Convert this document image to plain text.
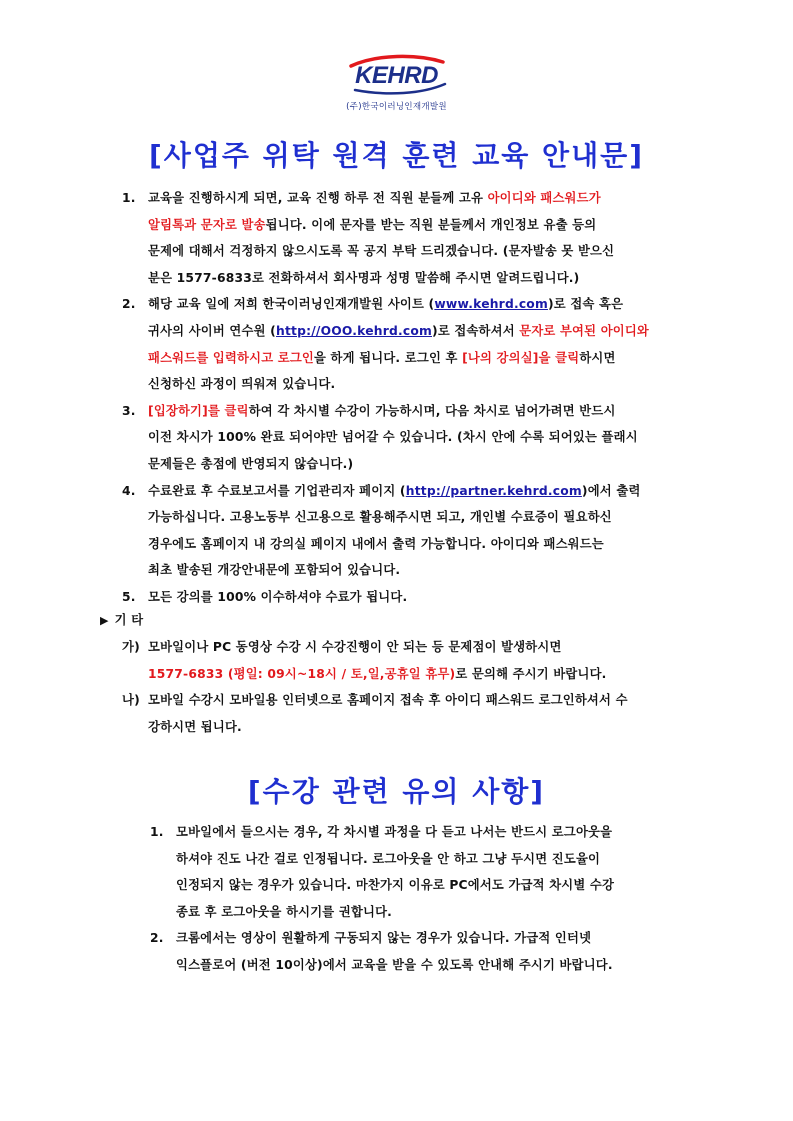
KEHRD
(주)한국이러닝인재개발원
[사업주 위탁 원격 훈련 교육 안내문]
1. 교육을 진행하시게 되면, 교육 진행 하루 전 직원 분들께 고유 아이디와 패스워드가
알림톡과 문자로 발송됩니다. 이에 문자를 받는 직원 분들께서 개인정보 유출 등의
문제에 대해서 걱정하지 않으시도록 꼭 공지 부탁 드리겠습니다. (문자발송 못 받으신
분은 1577-6833로 전화하셔서 회사명과 성명 말씀해 주시면 알려드립니다.)
2. 해당 교육 일에 저희 한국이러닝인재개발원 사이트 (www.kehrd.com)로 접속 혹은
귀사의 사이버 연수원 (http://OOO.kehrd.com)로 접속하셔서 문자로 부여된 아이디와
패스워드를 입력하시고 로그인을 하게 됩니다. 로그인 후 [나의 강의실]을 클릭하시면
신청하신 과정이 띄워져 있습니다.
3. [입장하기]를 클릭하여 각 차시별 수강이 가능하시며, 다음 차시로 넘어가려면 반드시
이전 차시가 100% 완료 되어야만 넘어갈 수 있습니다. (차시 안에 수록 되어있는 플래시
문제들은 총점에 반영되지 않습니다.)
4. 수료완료 후 수료보고서를 기업관리자 페이지 (http://partner.kehrd.com)에서 출력
가능하십니다. 고용노동부 신고용으로 활용해주시면 되고, 개인별 수료증이 필요하신
경우에도 홈페이지 내 강의실 페이지 내에서 출력 가능합니다. 아이디와 패스워드는
최초 발송된 개강안내문에 포함되어 있습니다.
5. 모든 강의를 100% 이수하셔야 수료가 됩니다.
▶ 기 타
가) 모바일이나 PC 동영상 수강 시 수강진행이 안 되는 등 문제점이 발생하시면
1577-6833 (평일: 09시~18시 / 토,일,공휴일 휴무)로 문의해 주시기 바랍니다.
나) 모바일 수강시 모바일용 인터넷으로 홈페이지 접속 후 아이디 패스워드 로그인하셔서 수
강하시면 됩니다.
[수강 관련 유의 사항]
1. 모바일에서 들으시는 경우, 각 차시별 과정을 다 듣고 나서는 반드시 로그아웃을
하셔야 진도 나간 걸로 인정됩니다. 로그아웃을 안 하고 그냥 두시면 진도율이
인정되지 않는 경우가 있습니다. 마찬가지 이유로 PC에서도 가급적 차시별 수강
종료 후 로그아웃을 하시기를 권합니다.
2. 크롬에서는 영상이 원활하게 구동되지 않는 경우가 있습니다. 가급적 인터넷
익스플로어 (버전 10이상)에서 교육을 받을 수 있도록 안내해 주시기 바랍니다.
